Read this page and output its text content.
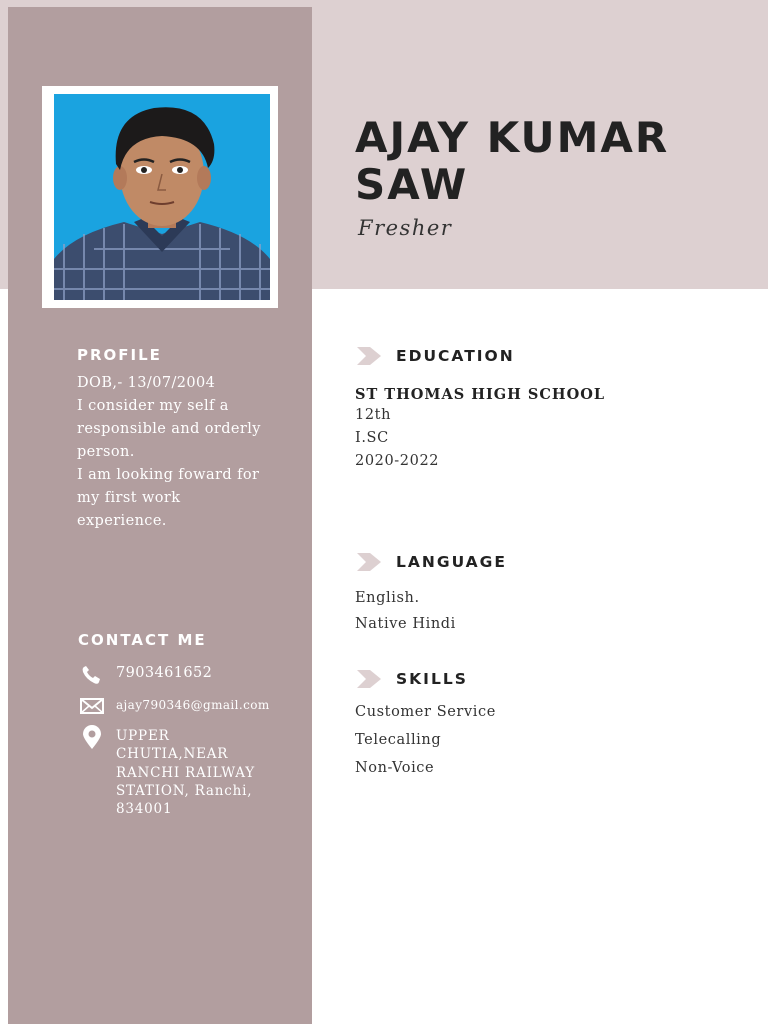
PROFILE
DOB,- 13/07/2004
I consider my self a
responsible and orderly
person.
I am looking foward for
my first work
experience.
CONTACT ME
7903461652
ajay790346@gmail.com
UPPER
CHUTIA,NEAR
RANCHI RAILWAY
STATION, Ranchi,
834001
AJAY KUMAR
SAW
Fresher
EDUCATION
ST THOMAS HIGH SCHOOL
12th
I.SC
2020-2022
LANGUAGE
English.
Native Hindi
SKILLS
Customer Service
Telecalling
Non-Voice
